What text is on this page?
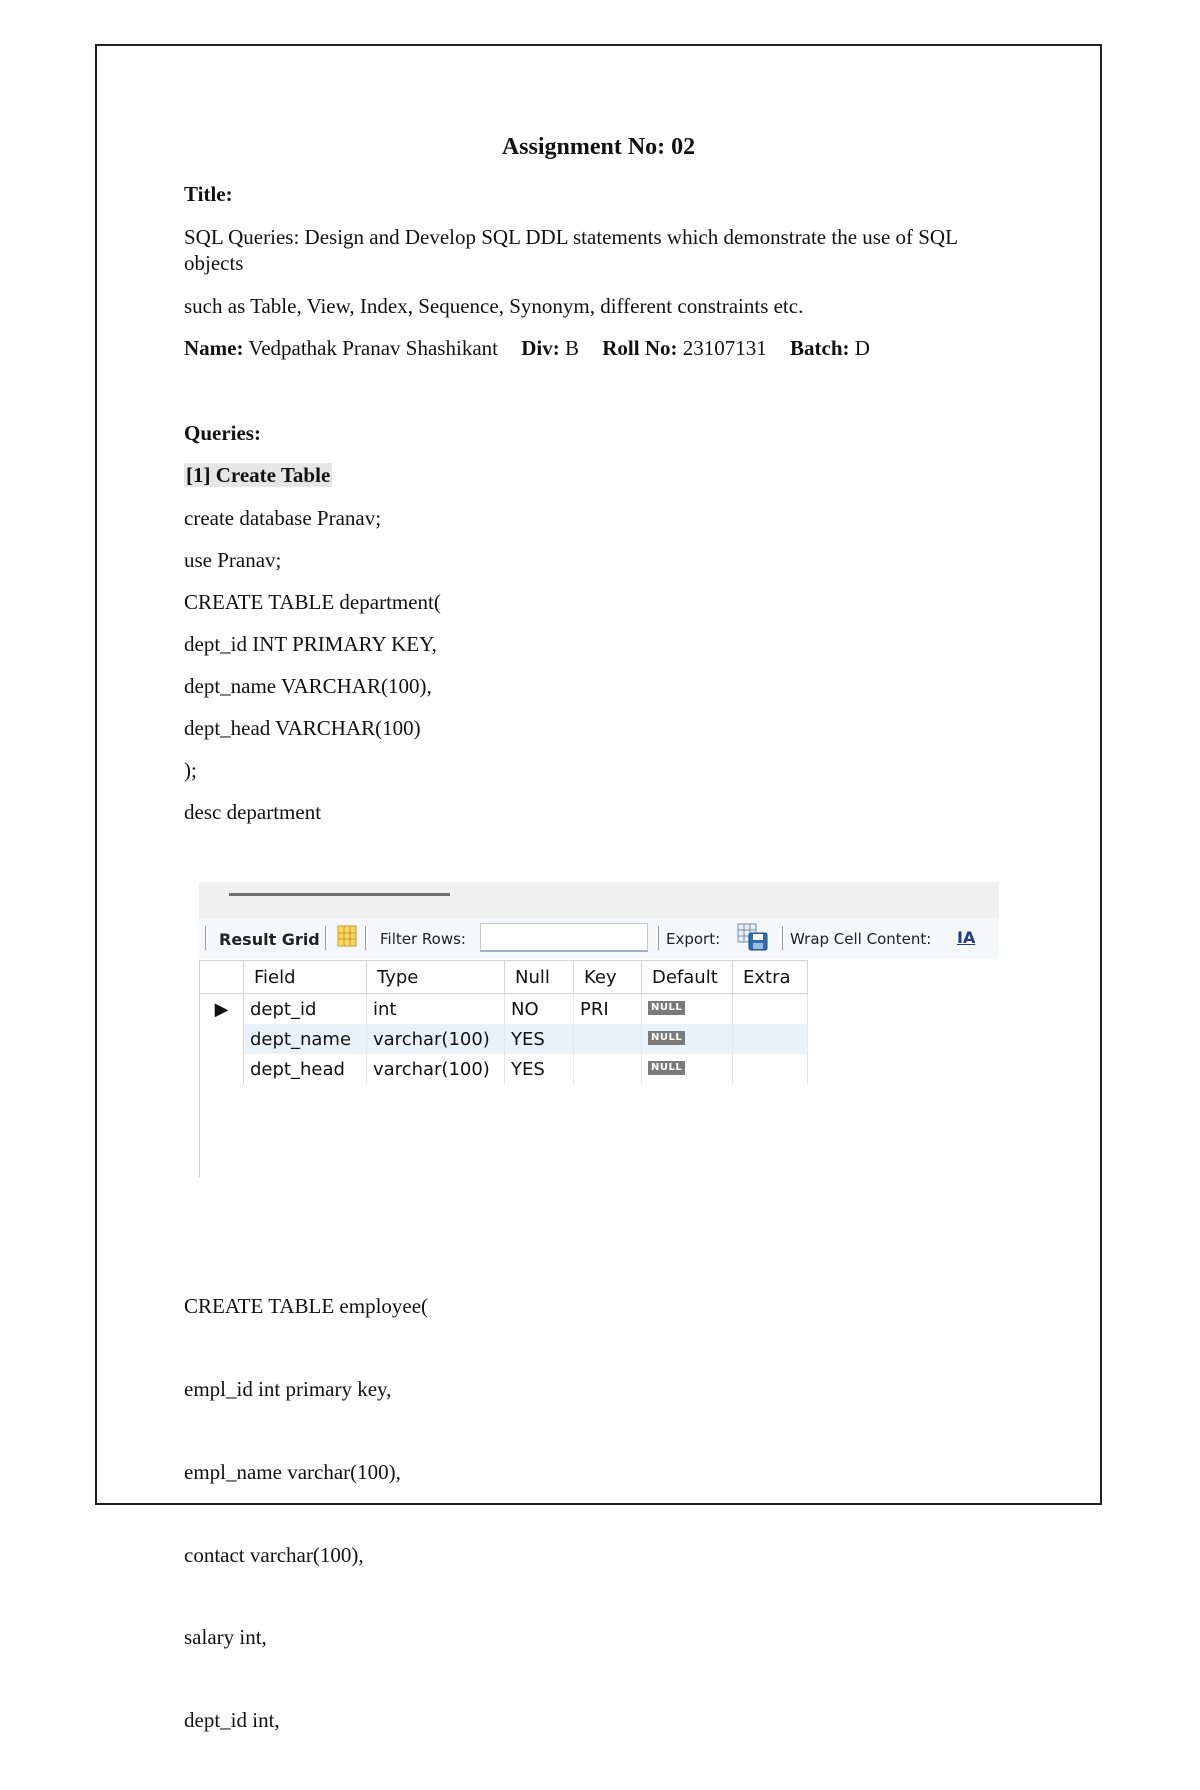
Assignment No: 02
Title:
SQL Queries: Design and Develop SQL DDL statements which demonstrate the use of SQL
objects
such as Table, View, Index, Sequence, Synonym, different constraints etc.
Name: Vedpathak Pranav Shashikant Div: B Roll No: 23107131 Batch: D
Queries:
[1] Create Table
create database Pranav;
use Pranav;
CREATE TABLE department(
dept_id INT PRIMARY KEY,
dept_name VARCHAR(100),
dept_head VARCHAR(100)
);
desc department

CREATE TABLE employee(

empl_id int primary key,

empl_name varchar(100),

contact varchar(100),

salary int,

dept_id int,

Result Grid	Filter Rows:	Export:	Wrap Cell Content: IA
	Field	Type	Null	Key	Default	Extra
▶	dept_id	int	NO	PRI	NULL	
	dept_name	varchar(100)	YES		NULL	
	dept_head	varchar(100)	YES		NULL	
